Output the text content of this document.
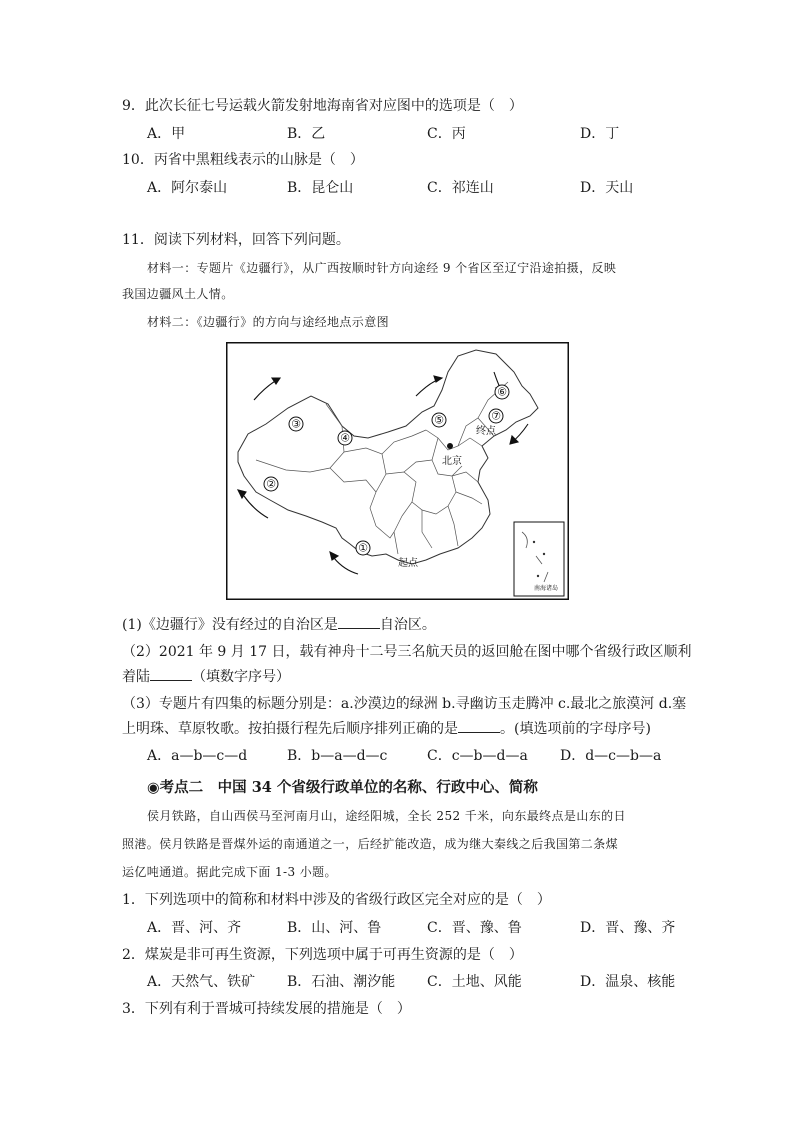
9．此次长征七号运载火箭发射地海南省对应图中的选项是（　）
A．甲	B．乙	C．丙	D．丁
10．丙省中黑粗线表示的山脉是（　）
A．阿尔泰山	B．昆仑山	C．祁连山	D．天山
11．阅读下列材料，回答下列问题。
材料一：专题片《边疆行》，从广西按顺时针方向途经 9 个省区至辽宁沿途拍摄，反映
我国边疆风土人情。
材料二：《边疆行》的方向与途经地点示意图
③
④
②
①
⑤
⑥
⑦
北京
终点
起点
南海诸岛
(1)《边疆行》没有经过的自治区是	自治区。
（2）2021 年 9 月 17 日，载有神舟十二号三名航天员的返回舱在图中哪个省级行政区顺利
着陆	（填数字序号）
（3）专题片有四集的标题分别是：a.沙漠边的绿洲 b.寻幽访玉走腾冲 c.最北之旅漠河 d.塞
上明珠、草原牧歌。按拍摄行程先后顺序排列正确的是	。(填选项前的字母序号)
A．a—b—c—d	B．b—a—d—c	C．c—b—d—a D．d—c—b—a
◉考点二　中国 34 个省级行政单位的名称、行政中心、简称
侯月铁路，自山西侯马至河南月山，途经阳城，全长 252 千米，向东最终点是山东的日
照港。侯月铁路是晋煤外运的南通道之一，后经扩能改造，成为继大秦线之后我国第二条煤
运亿吨通道。据此完成下面 1-3 小题。
1．下列选项中的简称和材料中涉及的省级行政区完全对应的是（　）
A．晋、河、齐	B．山、河、鲁	C．晋、豫、鲁	D．晋、豫、齐
2．煤炭是非可再生资源，下列选项中属于可再生资源的是（　）
A．天然气、铁矿 B．石油、潮汐能 C．土地、风能	D．温泉、核能
3．下列有利于晋城可持续发展的措施是（　）
